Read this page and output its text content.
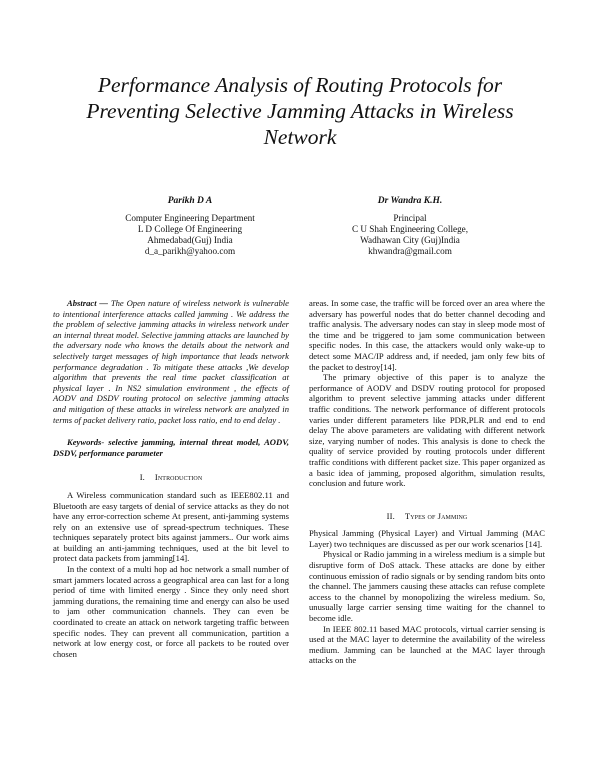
Performance Analysis of Routing Protocols for
Preventing Selective Jamming Attacks in Wireless
Network
Parikh D A
Computer Engineering Department
L D College Of Engineering
Ahmedabad(Guj) India
d_a_parikh@yahoo.com
Dr Wandra K.H.
Principal
C U Shah Engineering College,
Wadhawan City (Guj)India
khwandra@gmail.com

Abstract — The Open nature of wireless network is vulnerable to intentional interference attacks called jamming . We address the the problem of selective jamming attacks in wireless network under an internal threat model. Selective jamming attacks are launched by the adversary node who knows the details about the network and selectively target messages of high importance that leads network performance degradation . To mitigate these attacks ,We develop algorithm that prevents the real time packet classification at physical layer . In NS2 simulation environment , the effects of AODV and DSDV routing protocol on selective jamming attacks and mitigation of these attacks in wireless network are analyzed in terms of packet delivery ratio, packet loss ratio, end to end delay .

Keywords- selective jamming, internal threat model, AODV, DSDV, performance parameter

I. Introduction

A Wireless communication standard such as IEEE802.11 and Bluetooth are easy targets of denial of service attacks as they do not have any error-correction scheme At present, anti-jamming systems rely on an extensive use of spread-spectrum techniques. These techniques separately protect bits against jammers.. Our work aims at building an anti-jamming techniques, used at the bit level to protect data packets from jamming[14].

In the context of a multi hop ad hoc network a small number of smart jammers located across a geographical area can last for a long period of time with limited energy . Since they only need short jamming durations, the remaining time and energy can also be used to jam other communication channels. They can even be coordinated to create an attack on network targeting traffic between specific nodes. They can prevent all communication, partition a network at low energy cost, or force all packets to be routed over chosen

areas. In some case, the traffic will be forced over an area where the adversary has powerful nodes that do better channel decoding and traffic analysis. The adversary nodes can stay in sleep mode most of the time and be triggered to jam some communication between specific nodes. In this case, the attackers would only wake-up to detect some MAC/IP address and, if needed, jam only few bits of the packet to destroy[14].

The primary objective of this paper is to analyze the performance of AODV and DSDV routing protocol for proposed algorithm to prevent selective jamming attacks under different traffic conditions. The network performance of different protocols varies under different parameters like PDR,PLR and end to end delay The above parameters are validating with different network size, varying number of nodes. This analysis is done to check the quality of service provided by routing protocols under different traffic conditions with different packet size. This paper organized as a basic idea of jamming, proposed algorithm, simulation results, conclusion and future work.

II. Types of Jamming

Physical Jamming (Physical Layer) and Virtual Jamming (MAC Layer) two techniques are discussed as per our work scenarios [14].

Physical or Radio jamming in a wireless medium is a simple but disruptive form of DoS attack. These attacks are done by either continuous emission of radio signals or by sending random bits onto the channel. The jammers causing these attacks can refuse complete access to the channel by monopolizing the wireless medium. So, unusually large carrier sensing time waiting for the channel to become idle.

In IEEE 802.11 based MAC protocols, virtual carrier sensing is used at the MAC layer to determine the availability of the wireless medium. Jamming can be launched at the MAC layer through attacks on the
